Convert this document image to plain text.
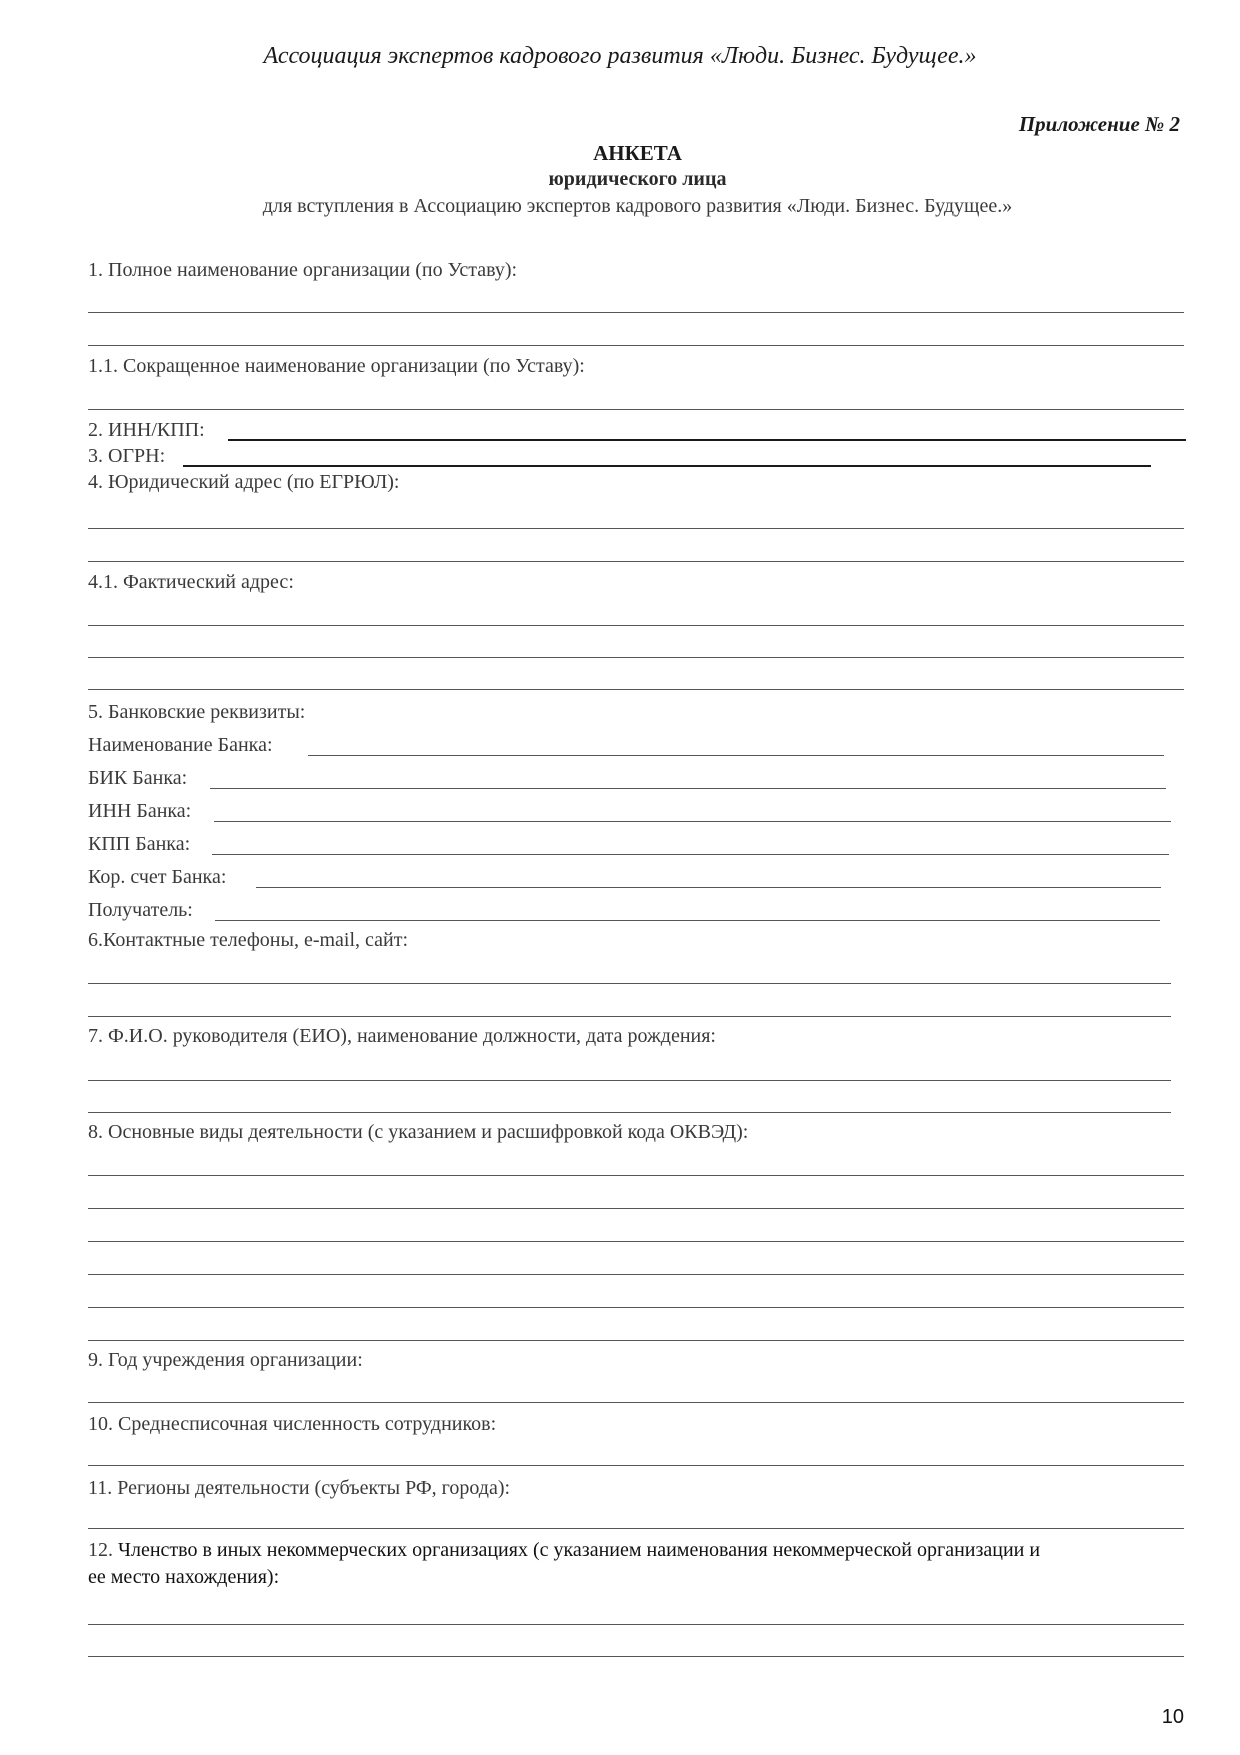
Ассоциация экспертов кадрового развития «Люди. Бизнес. Будущее.»
Приложение № 2
АНКЕТА
юридического лица
для вступления в Ассоциацию экспертов кадрового развития «Люди. Бизнес. Будущее.»
1. Полное наименование организации (по Уставу):
1.1. Сокращенное наименование организации (по Уставу):
2. ИНН/КПП:
3. ОГРН:
4. Юридический адрес (по ЕГРЮЛ):
4.1. Фактический адрес:
5. Банковские реквизиты:
Наименование Банка:
БИК Банка:
ИНН Банка:
КПП Банка:
Кор. счет Банка:
Получатель:
6.Контактные телефоны, e-mail, сайт:
7. Ф.И.О. руководителя (ЕИО), наименование должности, дата рождения:
8. Основные виды деятельности (с указанием и расшифровкой кода ОКВЭД):
9. Год учреждения организации:
10. Среднесписочная численность сотрудников:
11. Регионы деятельности (субъекты РФ, города):
12. Членство в иных некоммерческих организациях (с указанием наименования некоммерческой организации и
ее место нахождения):
10
